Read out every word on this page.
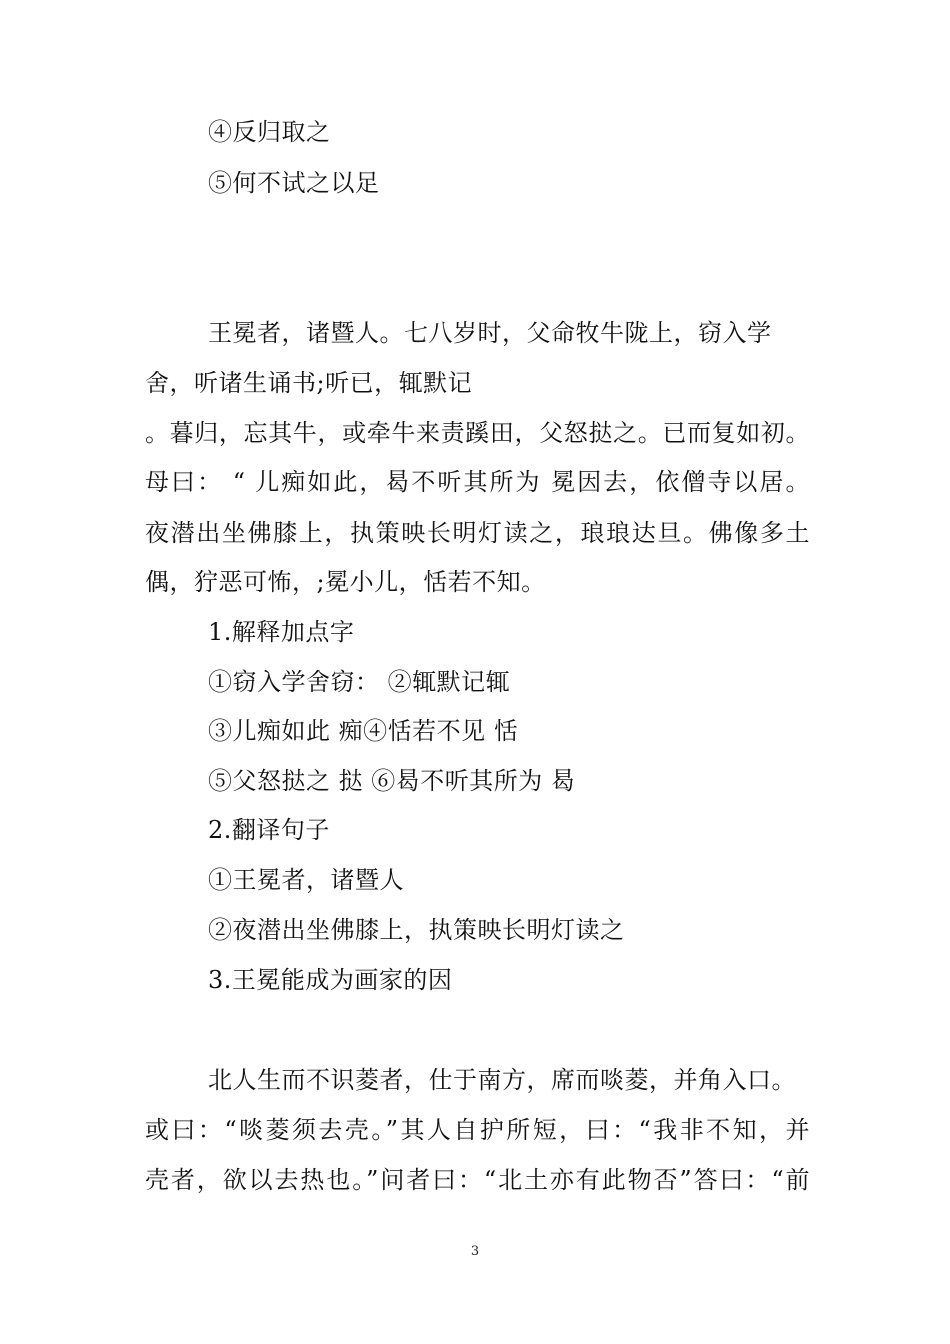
④反归取之
⑤何不试之以足
王冕者，诸暨人。七八岁时，父命牧牛陇上，窃入学
舍，听诸生诵书;听已，辄默记
。暮归，忘其牛，或牵牛来责蹊田，父怒挞之。已而复如初。
母曰： “ 儿痴如此，曷不听其所为 冕因去，依僧寺以居。
夜潜出坐佛膝上，执策映长明灯读之，琅琅达旦。佛像多土
偶，狞恶可怖，;冕小儿，恬若不知。
1.解释加点字
①窃入学舍窃： ②辄默记辄
③儿痴如此 痴④恬若不见 恬
⑤父怒挞之 挞 ⑥曷不听其所为 曷
2.翻译句子
①王冕者，诸暨人
②夜潜出坐佛膝上，执策映长明灯读之
3.王冕能成为画家的因
北人生而不识菱者，仕于南方，席而啖菱，并角入口。
或曰：“啖菱须去壳。”其人自护所短，曰：“我非不知，并
壳者，欲以去热也。”问者曰：“北土亦有此物否”答曰：“前
3
